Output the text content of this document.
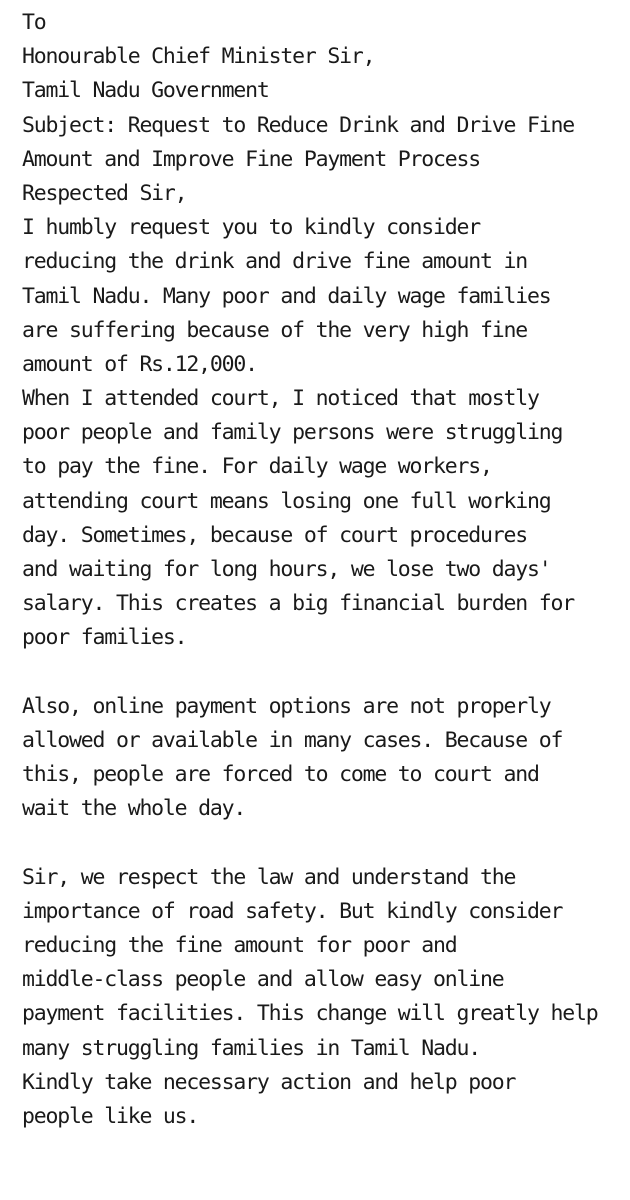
To
Honourable Chief Minister Sir,
Tamil Nadu Government
Subject: Request to Reduce Drink and Drive Fine
Amount and Improve Fine Payment Process
Respected Sir,
I humbly request you to kindly consider
reducing the drink and drive fine amount in
Tamil Nadu. Many poor and daily wage families
are suffering because of the very high fine
amount of Rs.12,000.
When I attended court, I noticed that mostly
poor people and family persons were struggling
to pay the fine. For daily wage workers,
attending court means losing one full working
day. Sometimes, because of court procedures
and waiting for long hours, we lose two days'
salary. This creates a big financial burden for
poor families.
Also, online payment options are not properly
allowed or available in many cases. Because of
this, people are forced to come to court and
wait the whole day.
Sir, we respect the law and understand the
importance of road safety. But kindly consider
reducing the fine amount for poor and
middle-class people and allow easy online
payment facilities. This change will greatly help
many struggling families in Tamil Nadu.
Kindly take necessary action and help poor
people like us.
